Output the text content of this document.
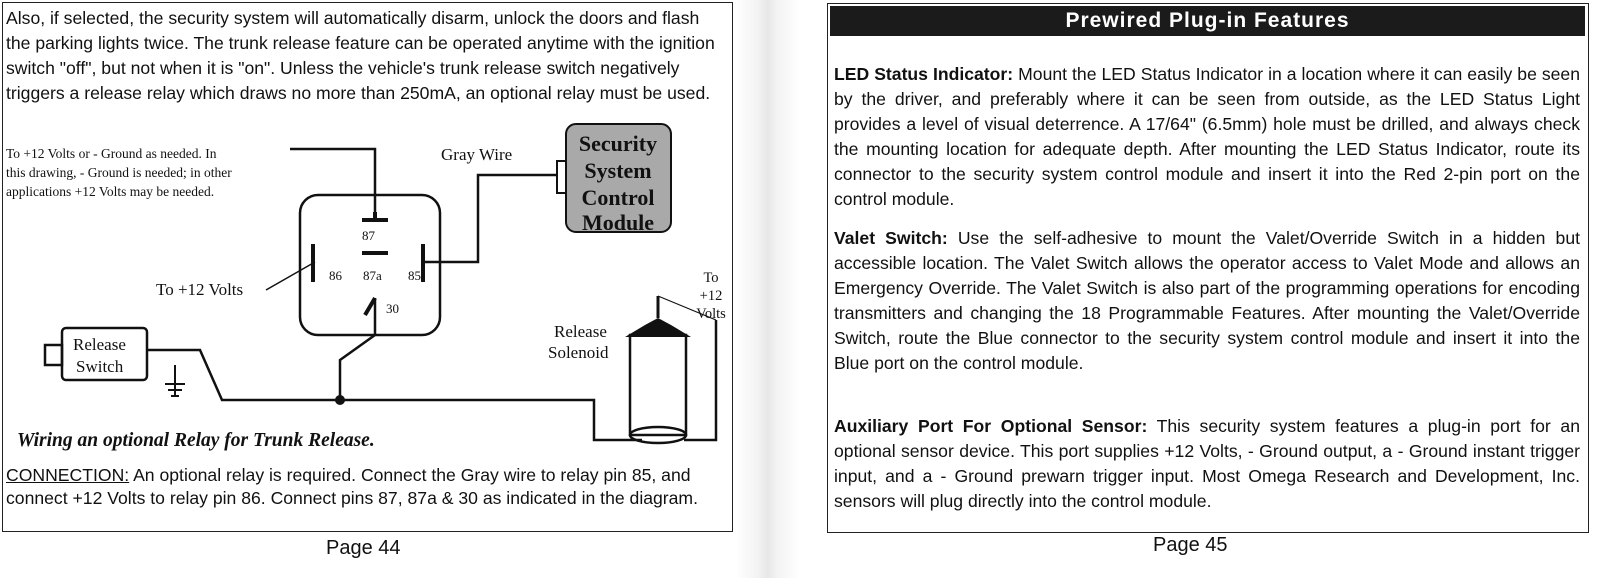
Also, if selected, the security system will automatically disarm, unlock the doors and flash the parking lights twice. The trunk release feature can be operated anytime with the ignition switch "off", but not when it is "on". Unless the vehicle's trunk release switch negatively triggers a release relay which draws no more than 250mA, an optional relay must be used.

To +12 Volts or - Ground as needed. In
this drawing, - Ground is needed; in other
applications +12 Volts may be needed.
Gray Wire	Security
System
Control
Module
87
86 87a 85
30
To +12 Volts
To
+12
Volts
Release
Switch
Release
Solenoid
Wiring an optional Relay for Trunk Release.

CONNECTION: An optional relay is required. Connect the Gray wire to relay pin 85, and connect +12 Volts to relay pin 86. Connect pins 87, 87a & 30 as indicated in the diagram.

Page 44
Prewired Plug-in Features

LED Status Indicator: Mount the LED Status Indicator in a location where it can easily be seen by the driver, and preferably where it can be seen from outside, as the LED Status Light provides a level of visual deterrence. A 17/64" (6.5mm) hole must be drilled, and always check the mounting location for adequate depth. After mounting the LED Status Indicator, route its connector to the security system control module and insert it into the Red 2-pin port on the control module.

Valet Switch: Use the self-adhesive to mount the Valet/Override Switch in a hidden but accessible location. The Valet Switch allows the operator access to Valet Mode and allows an Emergency Override. The Valet Switch is also part of the programming operations for encoding transmitters and changing the 18 Programmable Features. After mounting the Valet/Override Switch, route the Blue connector to the security system control module and insert it into the Blue port on the control module.

Auxiliary Port For Optional Sensor: This security system features a plug-in port for an optional sensor device. This port supplies +12 Volts, - Ground output, a - Ground instant trigger input, and a - Ground prewarn trigger input. Most Omega Research and Development, Inc. sensors will plug directly into the control module.

Page 45
